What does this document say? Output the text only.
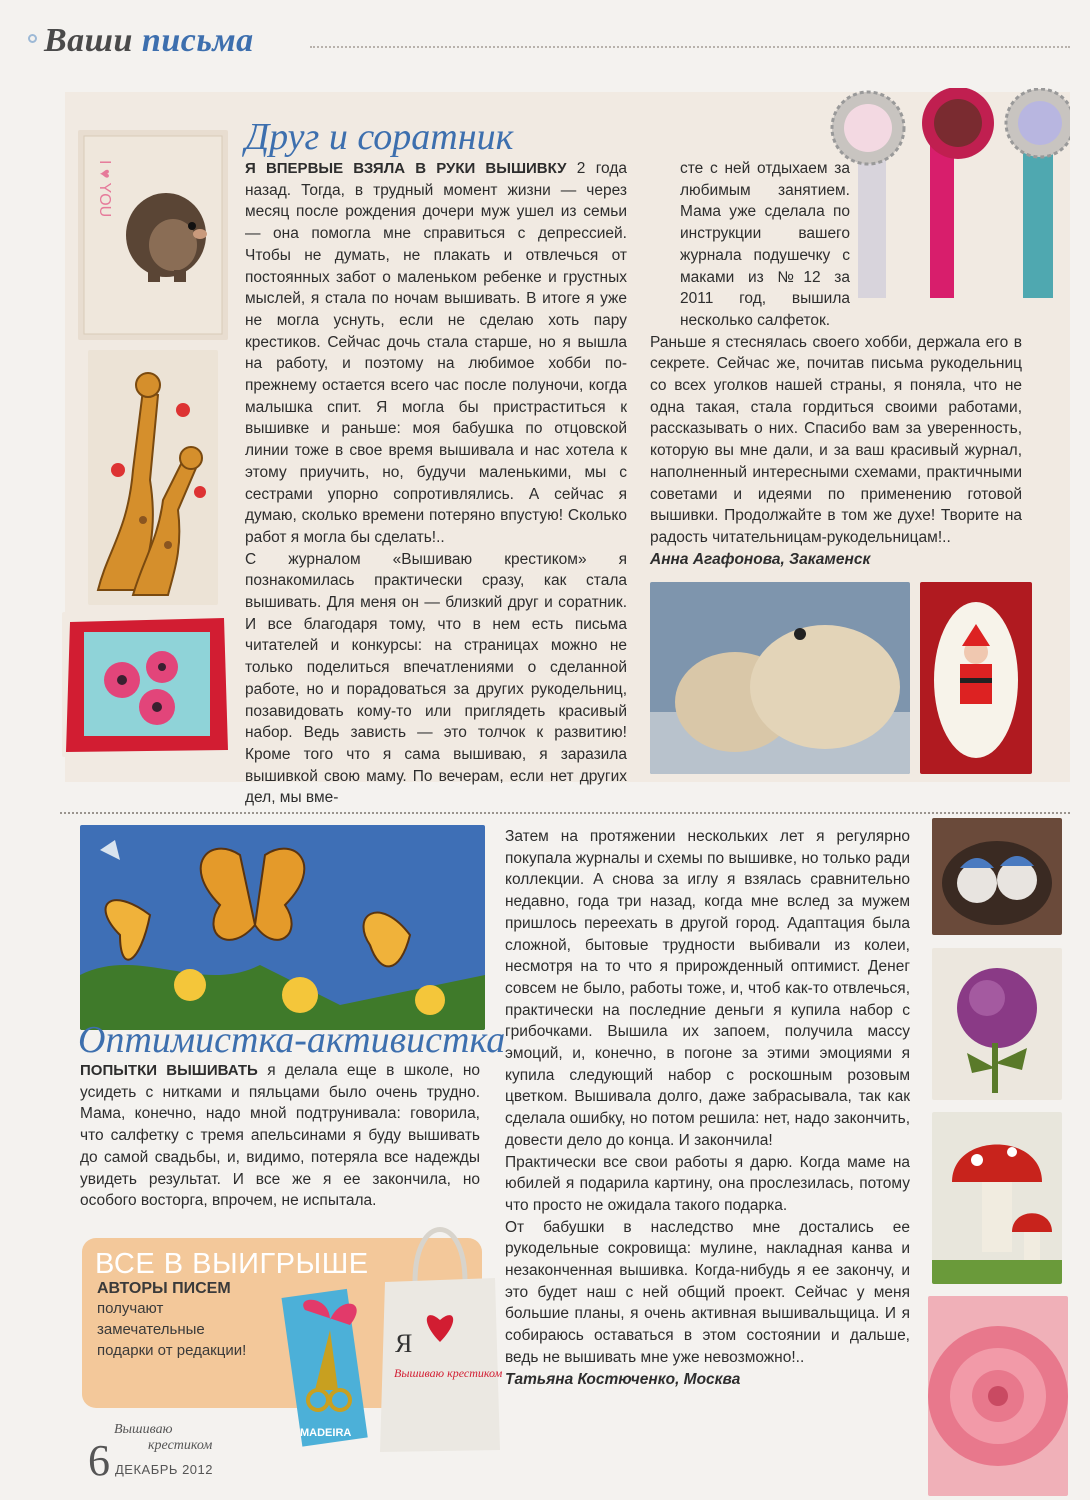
Ваши письма
I ♥ YOU
Друг и соратник

Я ВПЕРВЫЕ ВЗЯЛА В РУКИ ВЫШИВКУ 2 года назад. Тогда, в трудный момент жизни — через месяц после рождения дочери муж ушел из семьи — она помогла мне справиться с депрессией. Чтобы не думать, не плакать и отвлечься от постоянных забот о маленьком ребенке и грустных мыслей, я стала по ночам вышивать. В итоге я уже не могла уснуть, если не сделаю хоть пару крестиков. Сейчас дочь стала старше, но я вышла на работу, и поэтому на любимое хобби по-прежнему остается всего час после полуночи, когда малышка спит. Я могла бы пристраститься к вышивке и раньше: моя бабушка по отцовской линии тоже в свое время вышивала и нас хотела к этому приучить, но, будучи маленькими, мы с сестрами упорно сопротивлялись. А сейчас я думаю, сколько времени потеряно впустую! Сколько работ я могла бы сделать!..

С журналом «Вышиваю крестиком» я познакомилась практически сразу, как стала вышивать. Для меня он — близкий друг и соратник. И все благодаря тому, что в нем есть письма читателей и конкурсы: на страницах можно не только поделиться впечатлениями о сделанной работе, но и порадоваться за других рукодельниц, позавидовать кому-то или приглядеть красивый набор. Ведь зависть — это толчок к развитию! Кроме того что я сама вышиваю, я заразила вышивкой свою маму. По вечерам, если нет других дел, мы вме-

сте с ней отдыхаем за любимым занятием. Мама уже сделала по инструкции вашего журнала подушечку с маками из №12 за 2011 год, вышила несколько салфеток.

Раньше я стеснялась своего хобби, держала его в секрете. Сейчас же, почитав письма рукодельниц со всех уголков нашей страны, я поняла, что не одна такая, стала гордиться своими работами, рассказывать о них. Спасибо вам за уверенность, которую вы мне дали, и за ваш красивый журнал, наполненный интересными схемами, практичными советами и идеями по применению готовой вышивки. Продолжайте в том же духе! Творите на радость читательницам-рукодельницам!..

Анна Агафонова, Закаменск

Оптимистка-активистка

ПОПЫТКИ ВЫШИВАТЬ я делала еще в школе, но усидеть с нитками и пяльцами было очень трудно. Мама, конечно, надо мной подтрунивала: говорила, что салфетку с тремя апельсинами я буду вышивать до самой свадьбы, и, видимо, потеряла все надежды увидеть результат. И все же я ее закончила, но особого восторга, впрочем, не испытала.

Затем на протяжении нескольких лет я регулярно покупала журналы и схемы по вышивке, но только ради коллекции. А снова за иглу я взялась сравнительно недавно, года три назад, когда мне вслед за мужем пришлось переехать в другой город. Адаптация была сложной, бытовые трудности выбивали из колеи, несмотря на то что я прирожденный оптимист. Денег совсем не было, работы тоже, и, чтоб как-то отвлечься, практически на последние деньги я купила набор с грибочками. Вышила их запоем, получила массу эмоций, и, конечно, в погоне за этими эмоциями я купила следующий набор с роскошным розовым цветком. Вышивала долго, даже забрасывала, так как сделала ошибку, но потом решила: нет, надо закончить, довести дело до конца. И закончила!

Практически все свои работы я дарю. Когда маме на юбилей я подарила картину, она прослезилась, потому что просто не ожидала такого подарка.

От бабушки в наследство мне достались ее рукодельные сокровища: мулине, накладная канва и незаконченная вышивка. Когда-нибудь я ее закончу, и это будет наш с ней общий проект. Сейчас у меня большие планы, я очень активная вышивальщица. И я собираюсь оставаться в этом состоянии и дальше, ведь не вышивать мне уже невозможно!..

Татьяна Костюченко, Москва

ВСЕ В ВЫИГРЫШЕ
АВТОРЫ ПИСЕМ
получают замечательные подарки от редакции!
MADEIRA
Я
Вышиваю крестиком
6
Вышиваю
крестиком
ДЕКАБРЬ 2012
